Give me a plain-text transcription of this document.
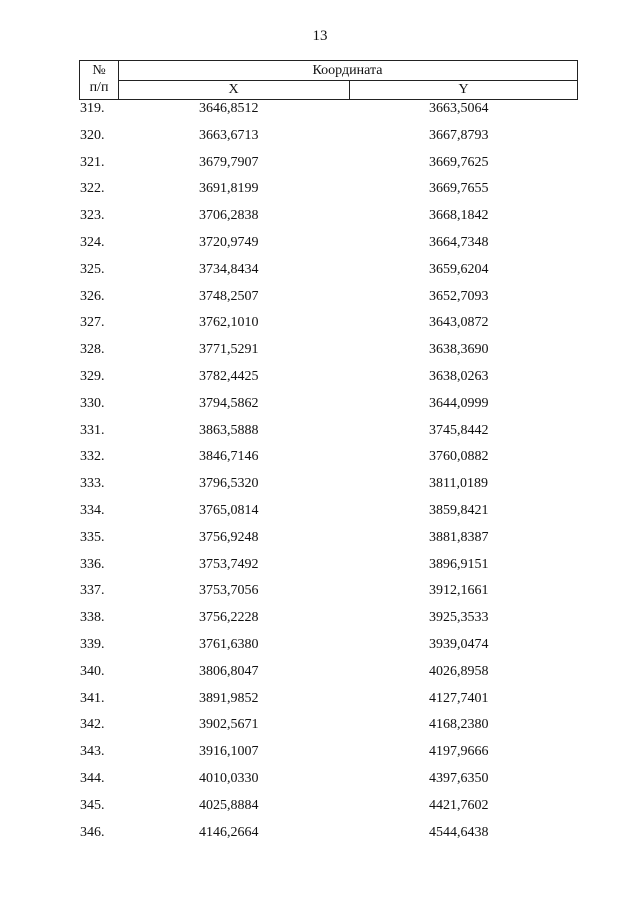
13
№
п/п
Координата
X	Y
319.	3646,8512	3663,5064
320.	3663,6713	3667,8793
321.	3679,7907	3669,7625
322.	3691,8199	3669,7655
323.	3706,2838	3668,1842
324.	3720,9749	3664,7348
325.	3734,8434	3659,6204
326.	3748,2507	3652,7093
327.	3762,1010	3643,0872
328.	3771,5291	3638,3690
329.	3782,4425	3638,0263
330.	3794,5862	3644,0999
331.	3863,5888	3745,8442
332.	3846,7146	3760,0882
333.	3796,5320	3811,0189
334.	3765,0814	3859,8421
335.	3756,9248	3881,8387
336.	3753,7492	3896,9151
337.	3753,7056	3912,1661
338.	3756,2228	3925,3533
339.	3761,6380	3939,0474
340.	3806,8047	4026,8958
341.	3891,9852	4127,7401
342.	3902,5671	4168,2380
343.	3916,1007	4197,9666
344.	4010,0330	4397,6350
345.	4025,8884	4421,7602
346.	4146,2664	4544,6438
